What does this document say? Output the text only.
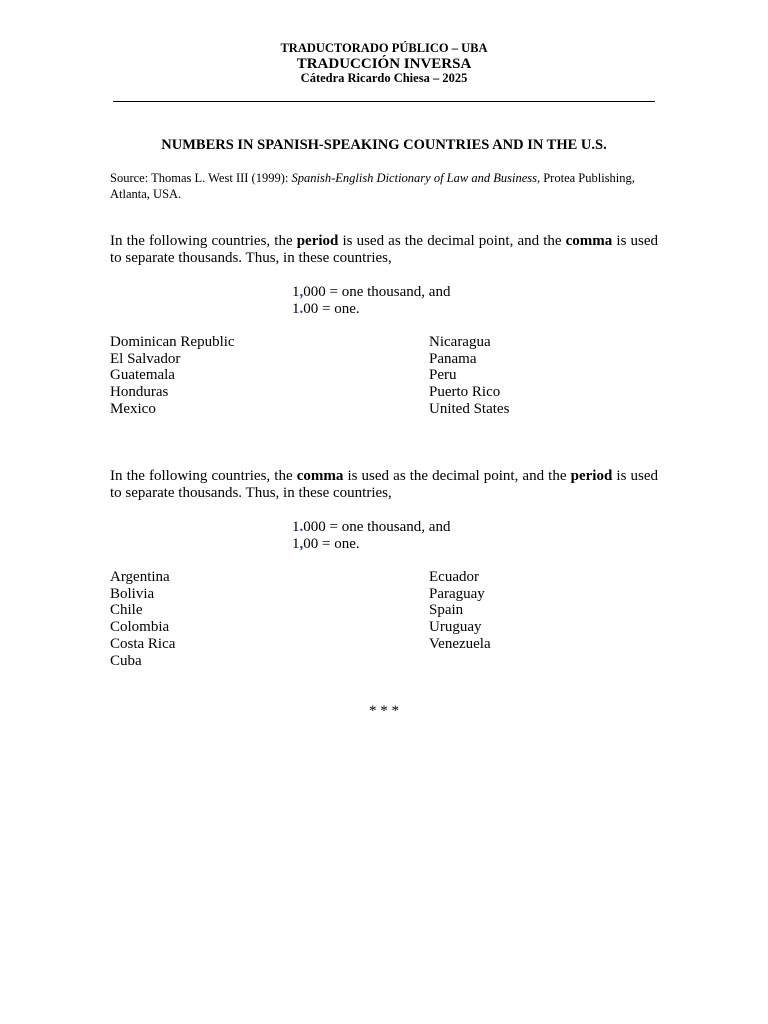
TRADUCTORADO PÚBLICO – UBA
TRADUCCIÓN INVERSA
Cátedra Ricardo Chiesa – 2025
NUMBERS IN SPANISH-SPEAKING COUNTRIES AND IN THE U.S.
Source: Thomas L. West III (1999): Spanish-English Dictionary of Law and Business, Protea Publishing, Atlanta, USA.
In the following countries, the period is used as the decimal point, and the comma is used to separate thousands. Thus, in these countries,
1,000 = one thousand, and
1.00 = one.
Dominican Republic
El Salvador
Guatemala
Honduras
Mexico
Nicaragua
Panama
Peru
Puerto Rico
United States
In the following countries, the comma is used as the decimal point, and the period is used to separate thousands. Thus, in these countries,
1.000 = one thousand, and
1,00 = one.
Argentina
Bolivia
Chile
Colombia
Costa Rica
Cuba
Ecuador
Paraguay
Spain
Uruguay
Venezuela
* * *
